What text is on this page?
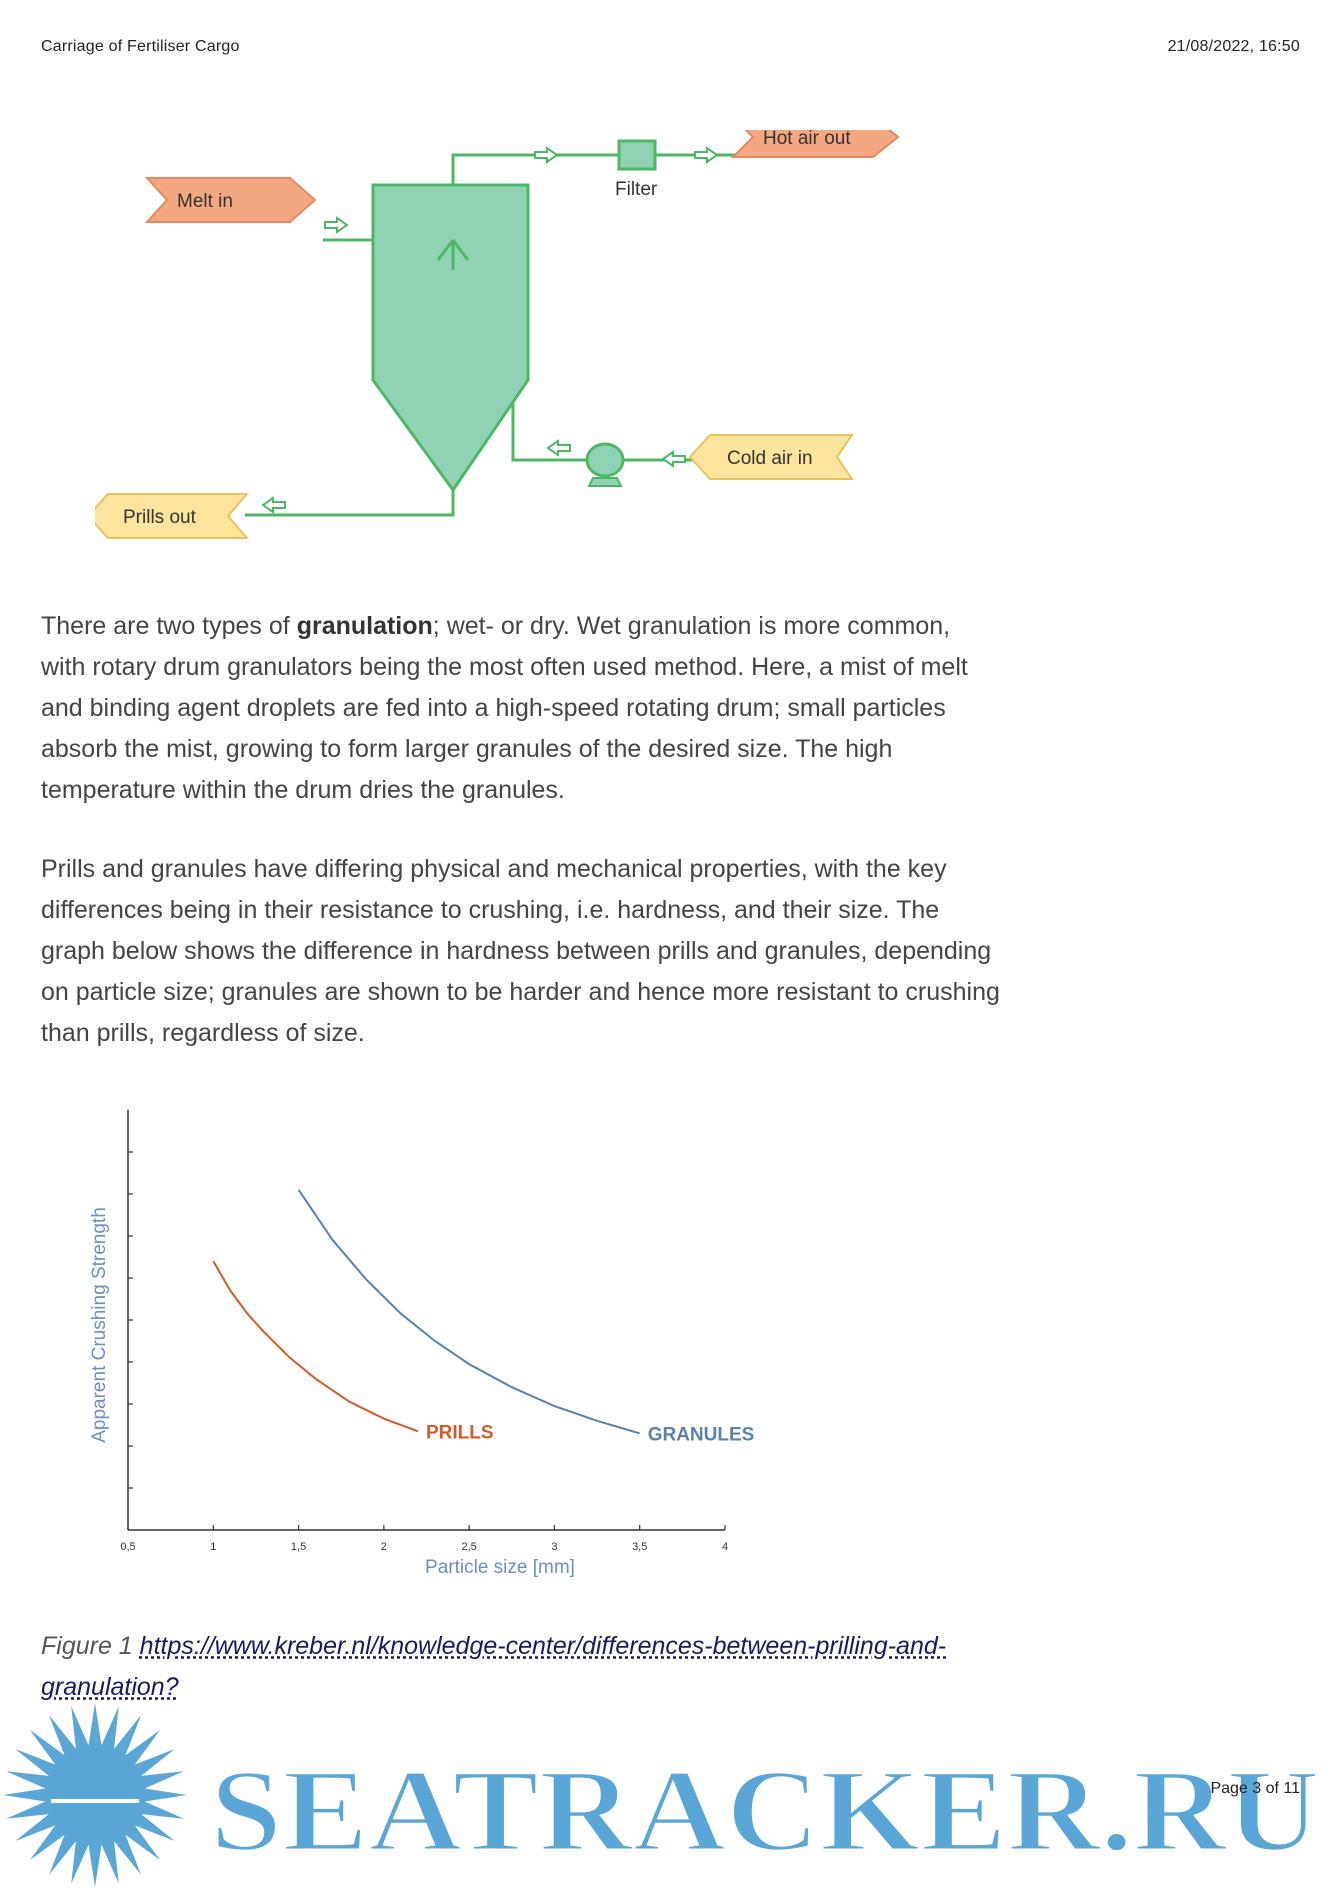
Carriage of Fertiliser Cargo	21/08/2022, 16:50
Melt in
Hot air out
Filter
Cold air in
Prills out

There are two types of granulation; wet- or dry. Wet granulation is more common, with rotary drum granulators being the most often used method. Here, a mist of melt and binding agent droplets are fed into a high-speed rotating drum; small particles absorb the mist, growing to form larger granules of the desired size. The high temperature within the drum dries the granules.

Prills and granules have differing physical and mechanical properties, with the key differences being in their resistance to crushing, i.e. hardness, and their size. The graph below shows the difference in hardness between prills and granules, depending on particle size; granules are shown to be harder and hence more resistant to crushing than prills, regardless of size.

0,5	1	1,5	2	2,5	3	3,5	4
PRILLS	GRANULES
Apparent Crushing Strength
Particle size [mm]

Figure 1 https://www.kreber.nl/knowledge-center/differences-between-prilling-and-granulation?

SEATRACKER.RU
Page 3 of 11
